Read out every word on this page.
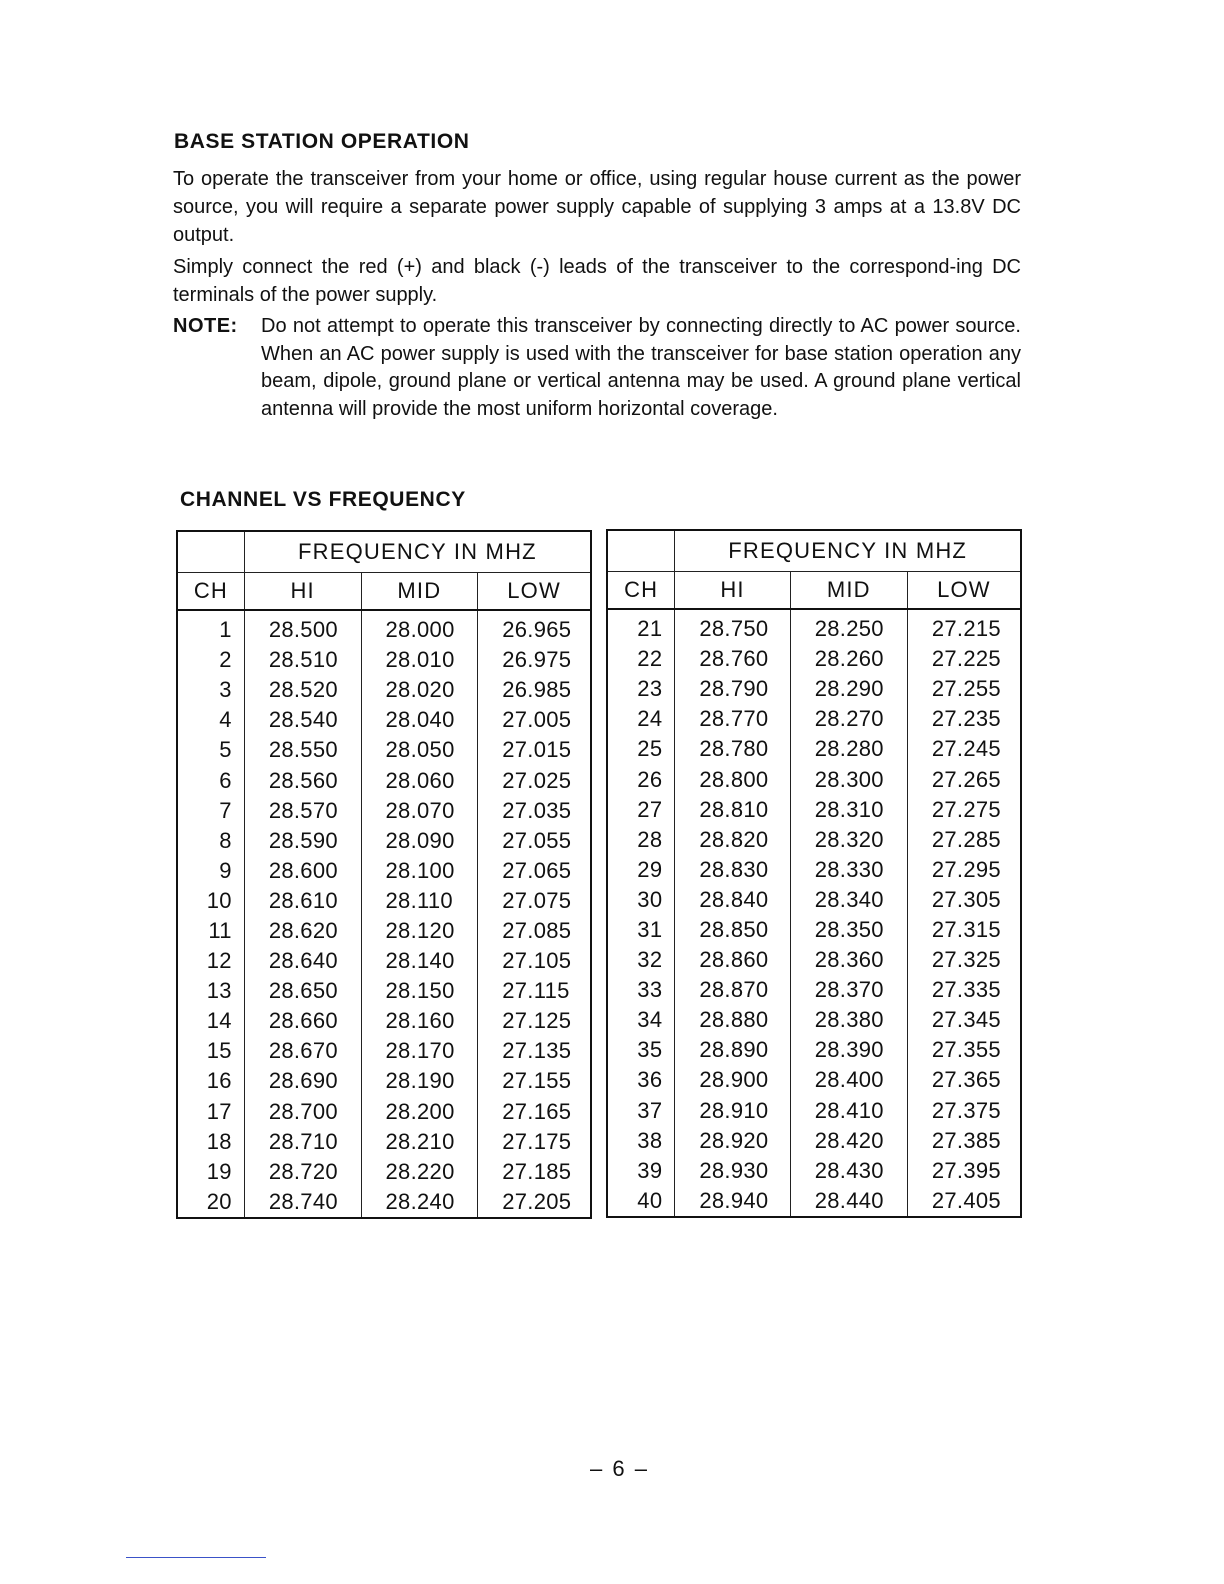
BASE STATION OPERATION

To operate the transceiver from your home or office, using regular house current as the power source, you will require a separate power supply capable of supplying 3 amps at a 13.8V DC output.

Simply connect the red (+) and black (-) leads of the transceiver to the correspond-ing DC terminals of the power supply.

NOTE: Do not attempt to operate this transceiver by connecting directly to AC power source. When an AC power supply is used with the transceiver for base station operation any beam, dipole, ground plane or vertical antenna may be used. A ground plane vertical antenna will provide the most uniform horizontal coverage.

CHANNEL VS FREQUENCY
	FREQUENCY IN MHZ		
CH	HI	MID	LOW
1	28.500	28.000	26.965
2	28.510	28.010	26.975
3	28.520	28.020	26.985
4	28.540	28.040	27.005
5	28.550	28.050	27.015
6	28.560	28.060	27.025
7	28.570	28.070	27.035
8	28.590	28.090	27.055
9	28.600	28.100	27.065
10	28.610	28.110	27.075
11	28.620	28.120	27.085
12	28.640	28.140	27.105
13	28.650	28.150	27.115
14	28.660	28.160	27.125
15	28.670	28.170	27.135
16	28.690	28.190	27.155
17	28.700	28.200	27.165
18	28.710	28.210	27.175
19	28.720	28.220	27.185
20	28.740	28.240	27.205
	FREQUENCY IN MHZ		
CH	HI	MID	LOW
21	28.750	28.250	27.215
22	28.760	28.260	27.225
23	28.790	28.290	27.255
24	28.770	28.270	27.235
25	28.780	28.280	27.245
26	28.800	28.300	27.265
27	28.810	28.310	27.275
28	28.820	28.320	27.285
29	28.830	28.330	27.295
30	28.840	28.340	27.305
31	28.850	28.350	27.315
32	28.860	28.360	27.325
33	28.870	28.370	27.335
34	28.880	28.380	27.345
35	28.890	28.390	27.355
36	28.900	28.400	27.365
37	28.910	28.410	27.375
38	28.920	28.420	27.385
39	28.930	28.430	27.395
40	28.940	28.440	27.405
– 6 –
